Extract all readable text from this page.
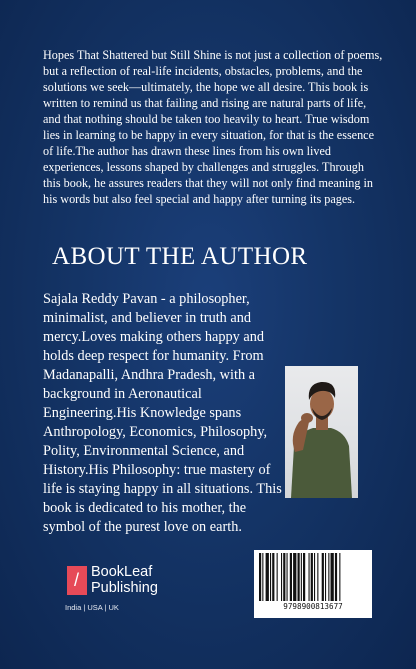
Hopes That Shattered but Still Shine is not just a collection of poems, but a reflection of real-life incidents, obstacles, problems, and the solutions we seek—ultimately, the hope we all desire. This book is written to remind us that failing and rising are natural parts of life, and that nothing should be taken too heavily to heart. True wisdom lies in learning to be happy in every situation, for that is the essence of life.The author has drawn these lines from his own lived experiences, lessons shaped by challenges and struggles. Through this book, he assures readers that they will not only find meaning in his words but also feel special and happy after turning its pages.

ABOUT THE AUTHOR

Sajala Reddy Pavan - a philosopher, minimalist, and believer in truth and mercy.Loves making others happy and holds deep respect for humanity. From Madanapalli, Andhra Pradesh, with a background in Aeronautical Engineering.His Knowledge spans Anthropology, Economics, Philosophy, Polity, Environmental Science, and History.His Philosophy: true mastery of life is staying happy in all situations. This book is dedicated to his mother, the symbol of the purest love on earth.

/ BookLeaf
Publishing
India | USA | UK	9798900813677
